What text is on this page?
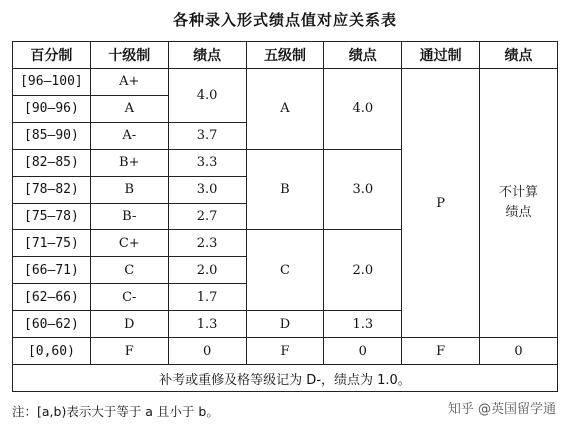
各种录入形式绩点值对应关系表
百分制	十级制	绩点	五级制	绩点	通过制	绩点
[96—100]	A+	4.0	A	4.0	P	不计算
绩点

[90—96)	A					
[85—90)	A-	3.7				
[82—85)	B+	3.3	B	3.0		
[78—82)	B	3.0				
[75—78)	B-	2.7				
[71—75)	C+	2.3	C	2.0		
[66—71)	C	2.0				
[62—66)	C-	1.7				
[60—62)	D	1.3	D	1.3		
[0,60)	F	0	F	0	F	0
补考或重修及格等级记为 D-，绩点为 1.0。						
注：[a,b)表示大于等于 a 且小于 b。	知乎 @英国留学通
